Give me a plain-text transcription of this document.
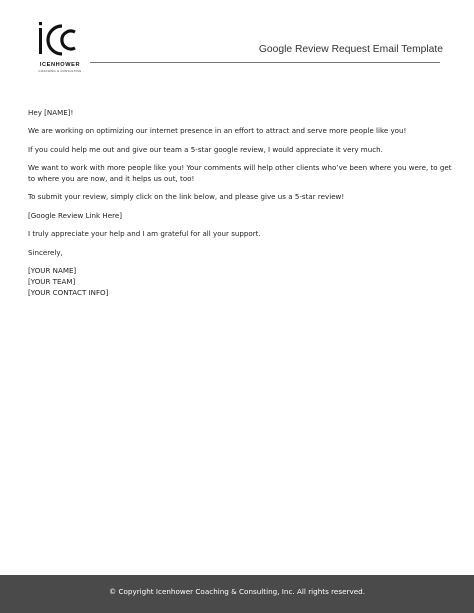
ICENHOWER
COACHING & CONSULTING
Google Review Request Email Template

Hey [NAME]!

We are working on optimizing our internet presence in an effort to attract and serve more people like you!

If you could help me out and give our team a 5-star google review, I would appreciate it very much.

We want to work with more people like you! Your comments will help other clients who’ve been where you were, to get to where you are now, and it helps us out, too!

To submit your review, simply click on the link below, and please give us a 5-star review!

[Google Review Link Here]

I truly appreciate your help and I am grateful for all your support.

Sincerely,

[YOUR NAME]
[YOUR TEAM]
[YOUR CONTACT INFO]
© Copyright Icenhower Coaching & Consulting, Inc. All rights reserved.
